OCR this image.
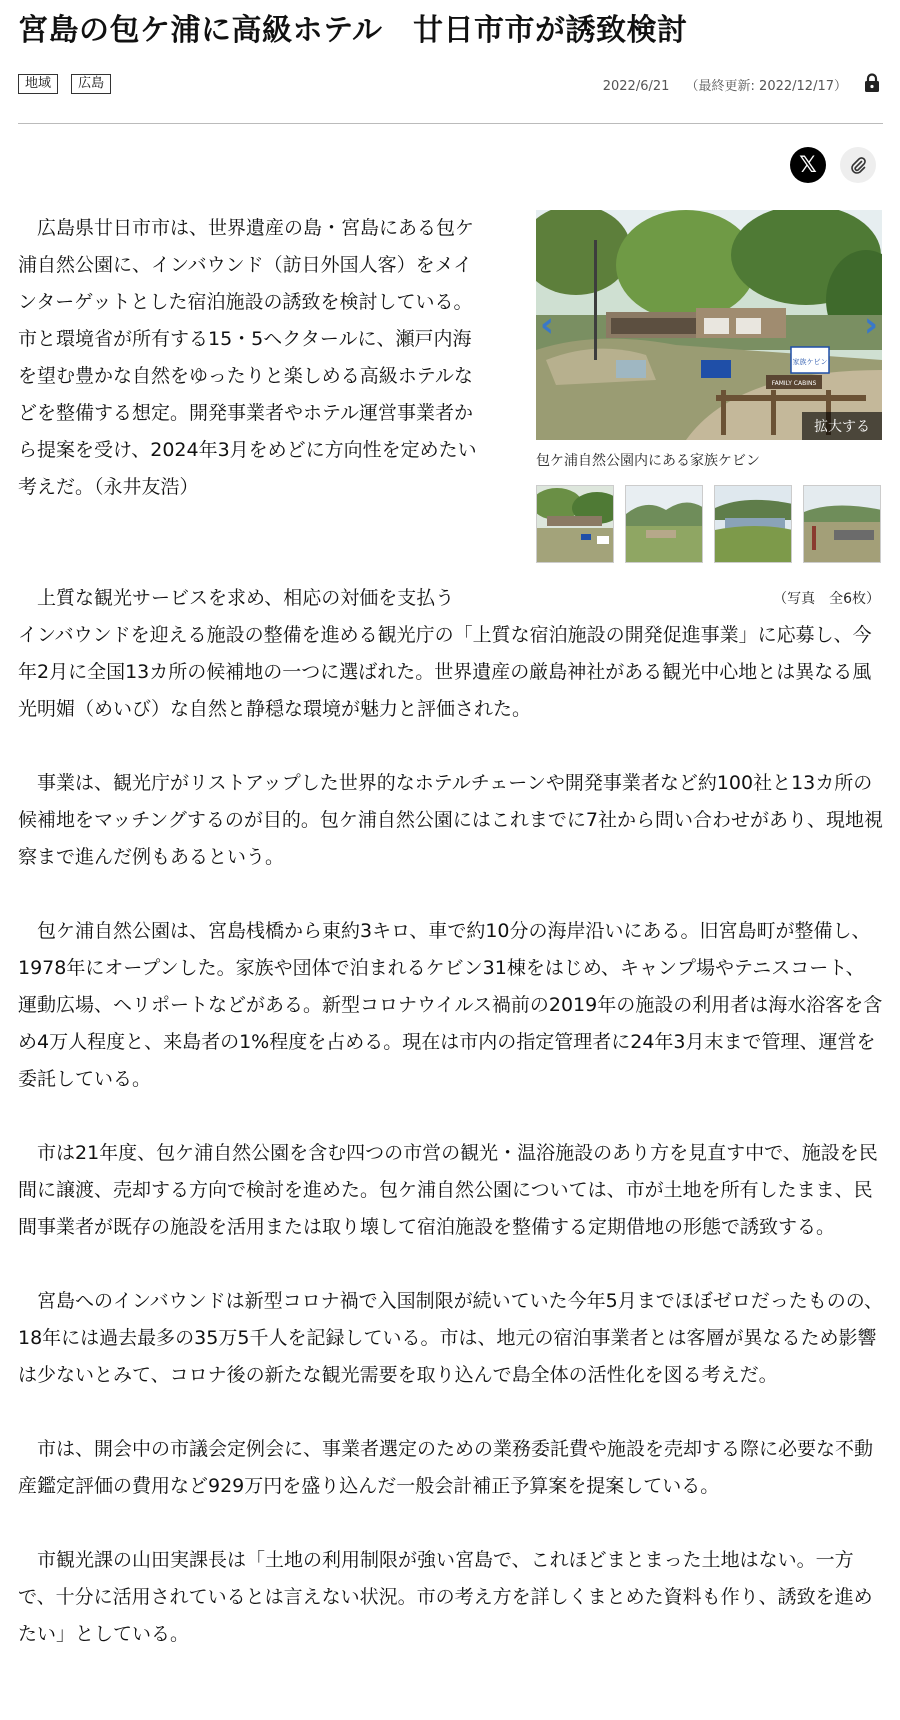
宮島の包ケ浦に高級ホテル　廿日市市が誘致検討
地域 広島	2022/6/21 （最終更新: 2022/12/17）
𝕏

広島県廿日市市は、世界遺産の島・宮島にある包ケ浦自然公園に、インバウンド（訪日外国人客）をメインターゲットとした宿泊施設の誘致を検討している。市と環境省が所有する15・5ヘクタールに、瀬戸内海を望む豊かな自然をゆったりと楽しめる高級ホテルなどを整備する想定。開発事業者やホテル運営事業者から提案を受け、2024年3月をめどに方向性を定めたい考えだ。（永井友浩）

家族ケビン
FAMILY CABINS
‹	›
拡大する
包ケ浦自然公園内にある家族ケビン
（写真　全6枚）

上質な観光サービスを求め、相応の対価を支払うインバウンドを迎える施設の整備を進める観光庁の「上質な宿泊施設の開発促進事業」に応募し、今年2月に全国13カ所の候補地の一つに選ばれた。世界遺産の厳島神社がある観光中心地とは異なる風光明媚（めいび）な自然と静穏な環境が魅力と評価された。

事業は、観光庁がリストアップした世界的なホテルチェーンや開発事業者など約100社と13カ所の候補地をマッチングするのが目的。包ケ浦自然公園にはこれまでに7社から問い合わせがあり、現地視察まで進んだ例もあるという。

包ケ浦自然公園は、宮島桟橋から東約3キロ、車で約10分の海岸沿いにある。旧宮島町が整備し、1978年にオープンした。家族や団体で泊まれるケビン31棟をはじめ、キャンプ場やテニスコート、運動広場、ヘリポートなどがある。新型コロナウイルス禍前の2019年の施設の利用者は海水浴客を含め4万人程度と、来島者の1%程度を占める。現在は市内の指定管理者に24年3月末まで管理、運営を委託している。

市は21年度、包ケ浦自然公園を含む四つの市営の観光・温浴施設のあり方を見直す中で、施設を民間に譲渡、売却する方向で検討を進めた。包ケ浦自然公園については、市が土地を所有したまま、民間事業者が既存の施設を活用または取り壊して宿泊施設を整備する定期借地の形態で誘致する。

宮島へのインバウンドは新型コロナ禍で入国制限が続いていた今年5月までほぼゼロだったものの、18年には過去最多の35万5千人を記録している。市は、地元の宿泊事業者とは客層が異なるため影響は少ないとみて、コロナ後の新たな観光需要を取り込んで島全体の活性化を図る考えだ。

市は、開会中の市議会定例会に、事業者選定のための業務委託費や施設を売却する際に必要な不動産鑑定評価の費用など929万円を盛り込んだ一般会計補正予算案を提案している。

市観光課の山田実課長は「土地の利用制限が強い宮島で、これほどまとまった土地はない。一方で、十分に活用されているとは言えない状況。市の考え方を詳しくまとめた資料も作り、誘致を進めたい」としている。
